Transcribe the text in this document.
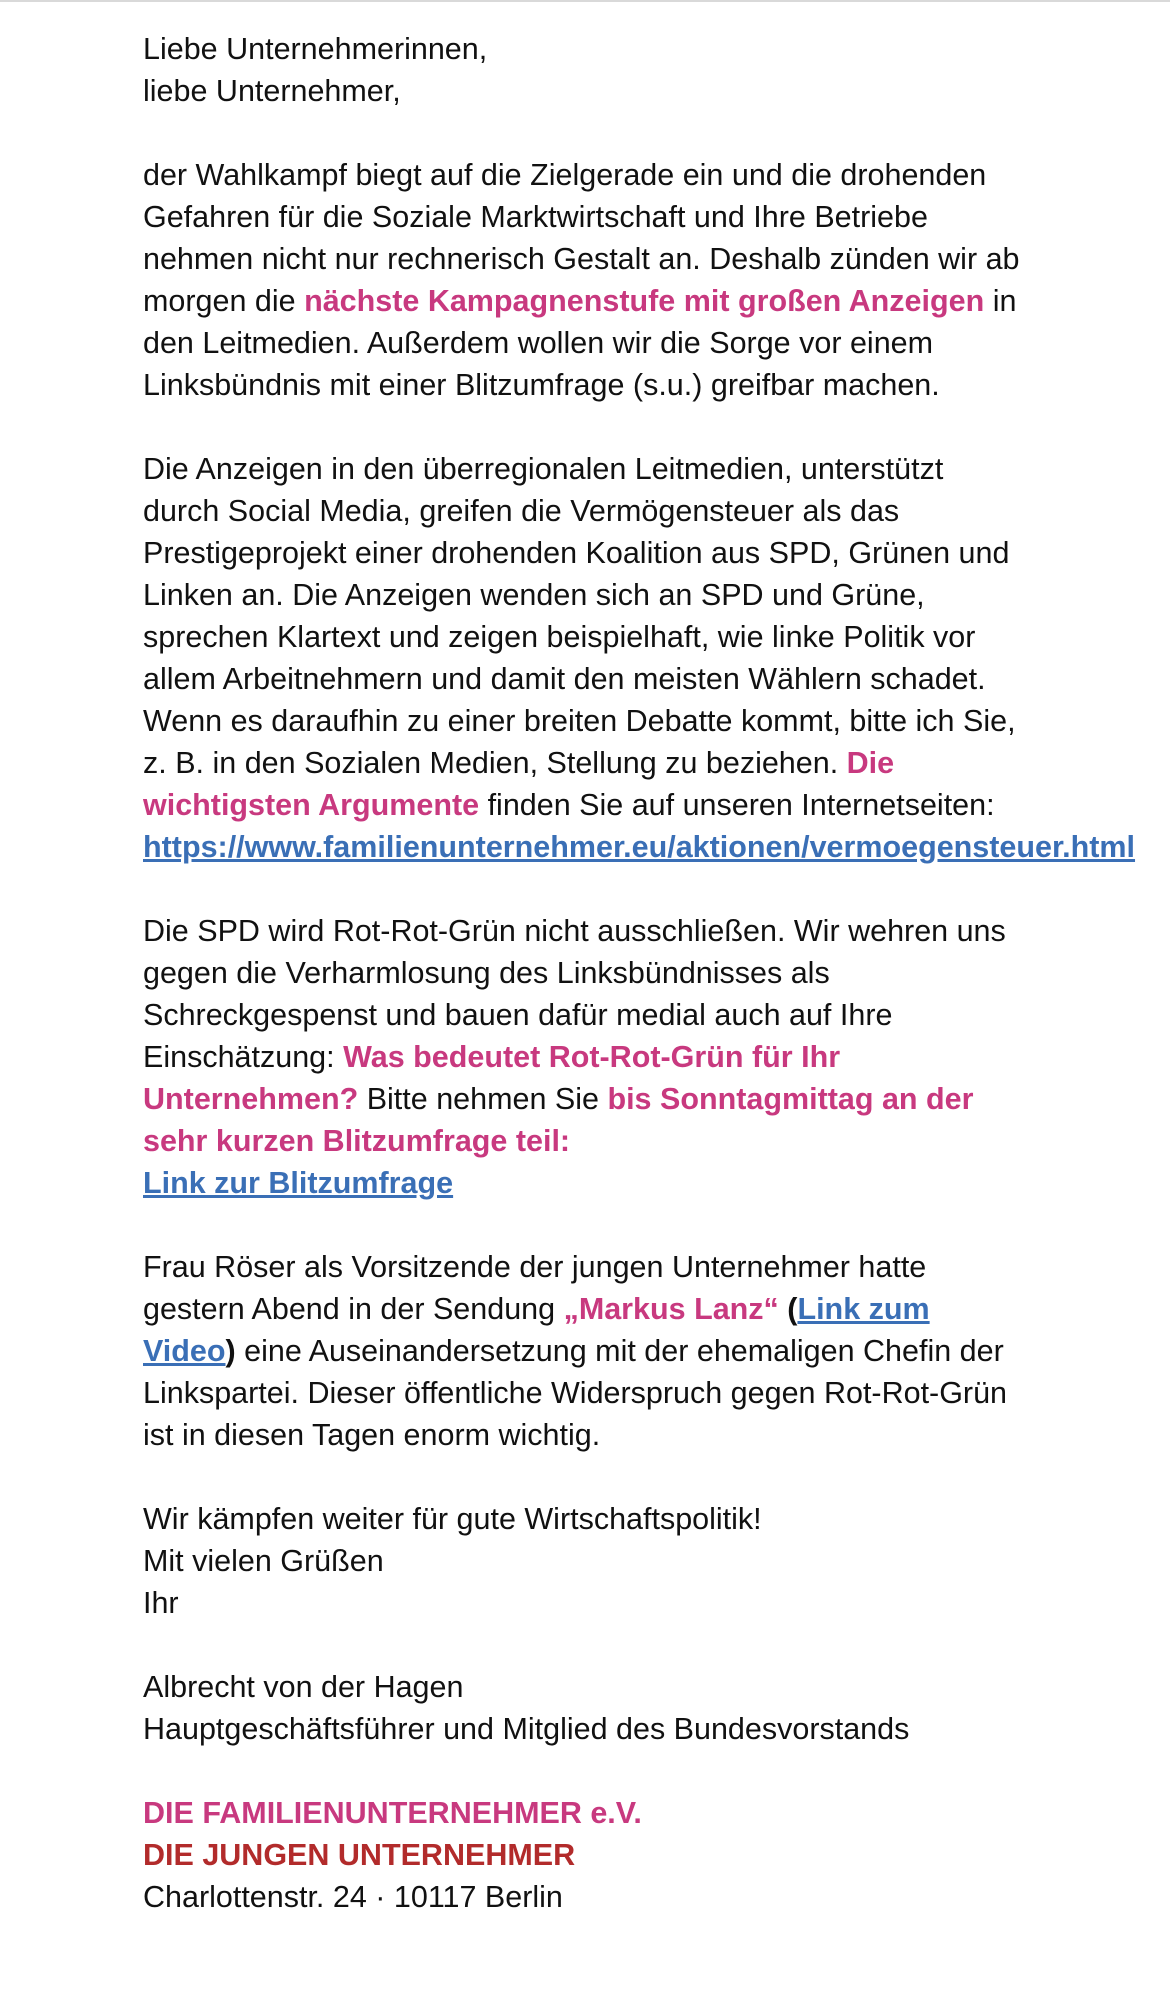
Liebe Unternehmerinnen,
liebe Unternehmer,

der Wahlkampf biegt auf die Zielgerade ein und die drohenden Gefahren für die Soziale Marktwirtschaft und Ihre Betriebe nehmen nicht nur rechnerisch Gestalt an. Deshalb zünden wir ab morgen die nächste Kampagnenstufe mit großen Anzeigen in den Leitmedien. Außerdem wollen wir die Sorge vor einem Linksbündnis mit einer Blitzumfrage (s.u.) greifbar machen.

Die Anzeigen in den überregionalen Leitmedien, unterstützt durch Social Media, greifen die Vermögensteuer als das Prestigeprojekt einer drohenden Koalition aus SPD, Grünen und Linken an. Die Anzeigen wenden sich an SPD und Grüne, sprechen Klartext und zeigen beispielhaft, wie linke Politik vor allem Arbeitnehmern und damit den meisten Wählern schadet. Wenn es daraufhin zu einer breiten Debatte kommt, bitte ich Sie, z. B. in den Sozialen Medien, Stellung zu beziehen. Die wichtigsten Argumente finden Sie auf unseren Internetseiten: https://www.familienunternehmer.eu/aktionen/vermoegensteuer.html

Die SPD wird Rot-Rot-Grün nicht ausschließen. Wir wehren uns gegen die Verharmlosung des Linksbündnisses als Schreckgespenst und bauen dafür medial auch auf Ihre Einschätzung: Was bedeutet Rot-Rot-Grün für Ihr Unternehmen? Bitte nehmen Sie bis Sonntagmittag an der sehr kurzen Blitzumfrage teil:
Link zur Blitzumfrage

Frau Röser als Vorsitzende der jungen Unternehmer hatte gestern Abend in der Sendung „Markus Lanz“ (Link zum Video) eine Auseinandersetzung mit der ehemaligen Chefin der Linkspartei. Dieser öffentliche Widerspruch gegen Rot-Rot-Grün ist in diesen Tagen enorm wichtig.

Wir kämpfen weiter für gute Wirtschaftspolitik!
Mit vielen Grüßen
Ihr

Albrecht von der Hagen
Hauptgeschäftsführer und Mitglied des Bundesvorstands

DIE FAMILIENUNTERNEHMER e.V.

DIE JUNGEN UNTERNEHMER

Charlottenstr. 24 · 10117 Berlin
